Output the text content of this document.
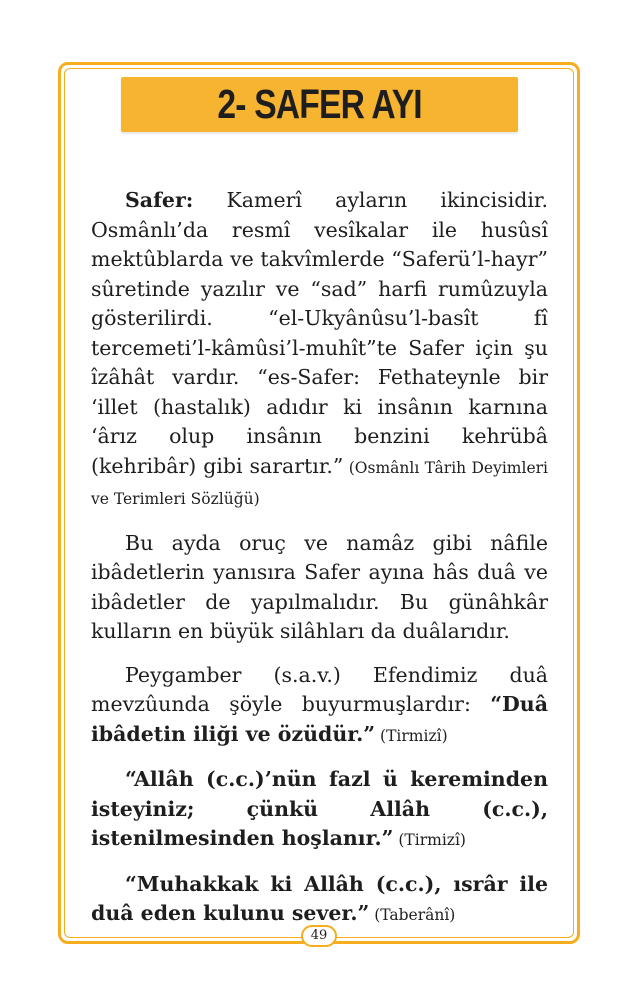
2- SAFER AYI

Safer: Kamerî ayların ikincisidir. Osmânlı’da resmî vesîkalar ile husûsî mektûblarda ve takvîmlerde “Saferü’l-hayr” sûretinde yazılır ve “sad” harfi rumûzuyla gösterilirdi. “el-Ukyânûsu’l-basît fî tercemeti’l-kâmûsi’l-muhît”te Safer için şu îzâhât vardır. “es-Safer: Fethateynle bir ‘illet (hastalık) adıdır ki insânın karnına ‘ârız olup insânın benzini kehrübâ (kehribâr) gibi sarartır.” (Osmânlı Târih Deyimleri ve Terimleri Sözlüğü)

Bu ayda oruç ve namâz gibi nâfile ibâdetlerin yanısıra Safer ayına hâs duâ ve ibâdetler de yapılmalıdır. Bu günâhkâr kulların en büyük silâhları da duâlarıdır.

Peygamber (s.a.v.) Efendimiz duâ mevzûunda şöyle buyurmuşlardır: “Duâ ibâdetin iliği ve özüdür.” (Tirmizî)

“Allâh (c.c.)’nün fazl ü kereminden isteyiniz; çünkü Allâh (c.c.), istenilmesinden hoşlanır.” (Tirmizî)

“Muhakkak ki Allâh (c.c.), ısrâr ile duâ eden kulunu sever.” (Taberânî)

49
